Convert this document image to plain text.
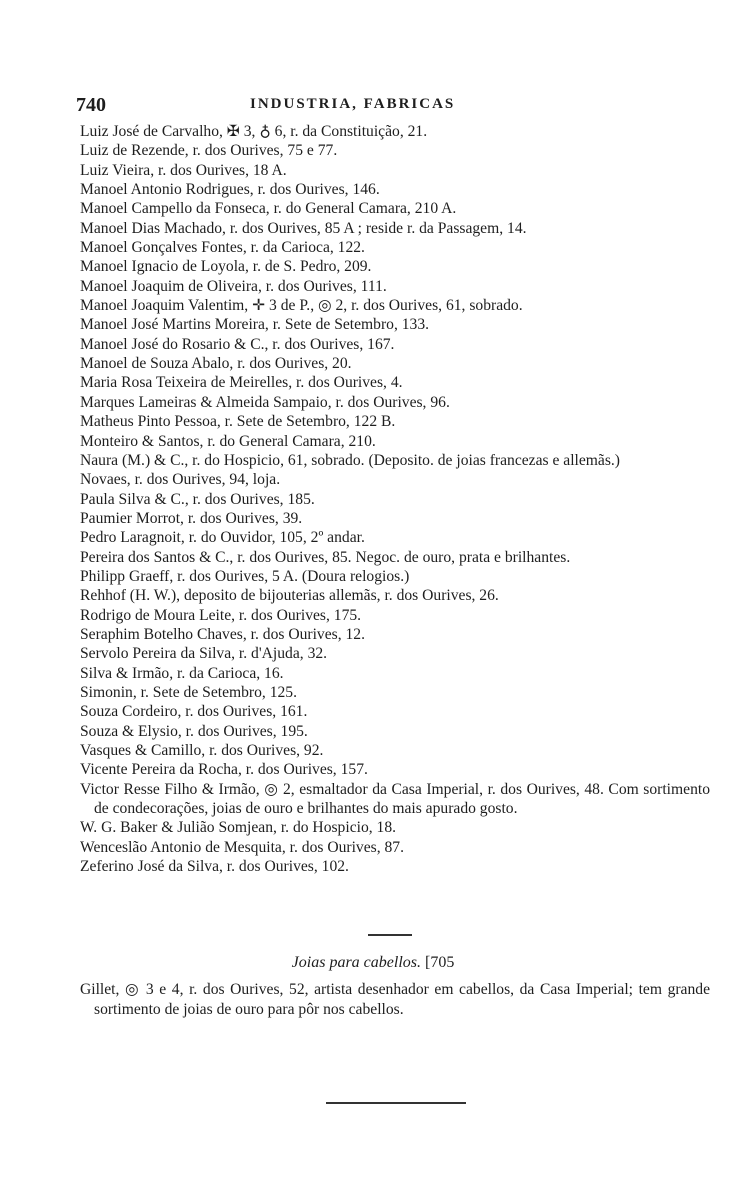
740	INDUSTRIA, FABRICAS
Luiz José de Carvalho, ✠ 3, ♁ 6, r. da Constituição, 21.
Luiz de Rezende, r. dos Ourives, 75 e 77.
Luiz Vieira, r. dos Ourives, 18 A.
Manoel Antonio Rodrigues, r. dos Ourives, 146.
Manoel Campello da Fonseca, r. do General Camara, 210 A.
Manoel Dias Machado, r. dos Ourives, 85 A ; reside r. da Passagem, 14.
Manoel Gonçalves Fontes, r. da Carioca, 122.
Manoel Ignacio de Loyola, r. de S. Pedro, 209.
Manoel Joaquim de Oliveira, r. dos Ourives, 111.
Manoel Joaquim Valentim, ✛ 3 de P., ◎ 2, r. dos Ourives, 61, sobrado.
Manoel José Martins Moreira, r. Sete de Setembro, 133.
Manoel José do Rosario & C., r. dos Ourives, 167.
Manoel de Souza Abalo, r. dos Ourives, 20.
Maria Rosa Teixeira de Meirelles, r. dos Ourives, 4.
Marques Lameiras & Almeida Sampaio, r. dos Ourives, 96.
Matheus Pinto Pessoa, r. Sete de Setembro, 122 B.
Monteiro & Santos, r. do General Camara, 210.
Naura (M.) & C., r. do Hospicio, 61, sobrado. (Deposito. de joias francezas e allemãs.)
Novaes, r. dos Ourives, 94, loja.
Paula Silva & C., r. dos Ourives, 185.
Paumier Morrot, r. dos Ourives, 39.
Pedro Laragnoit, r. do Ouvidor, 105, 2º andar.
Pereira dos Santos & C., r. dos Ourives, 85. Negoc. de ouro, prata e brilhantes.
Philipp Graeff, r. dos Ourives, 5 A. (Doura relogios.)
Rehhof (H. W.), deposito de bijouterias allemãs, r. dos Ourives, 26.
Rodrigo de Moura Leite, r. dos Ourives, 175.
Seraphim Botelho Chaves, r. dos Ourives, 12.
Servolo Pereira da Silva, r. d'Ajuda, 32.
Silva & Irmão, r. da Carioca, 16.
Simonin, r. Sete de Setembro, 125.
Souza Cordeiro, r. dos Ourives, 161.
Souza & Elysio, r. dos Ourives, 195.
Vasques & Camillo, r. dos Ourives, 92.
Vicente Pereira da Rocha, r. dos Ourives, 157.
Victor Resse Filho & Irmão, ◎ 2, esmaltador da Casa Imperial, r. dos Ourives, 48. Com sortimento de condecorações, joias de ouro e brilhantes do mais apurado gosto.
W. G. Baker & Julião Somjean, r. do Hospicio, 18.
Wenceslão Antonio de Mesquita, r. dos Ourives, 87.
Zeferino José da Silva, r. dos Ourives, 102.
Joias para cabellos. [705
Gillet, ◎ 3 e 4, r. dos Ourives, 52, artista desenhador em cabellos, da Casa Imperial; tem grande sortimento de joias de ouro para pôr nos cabellos.
